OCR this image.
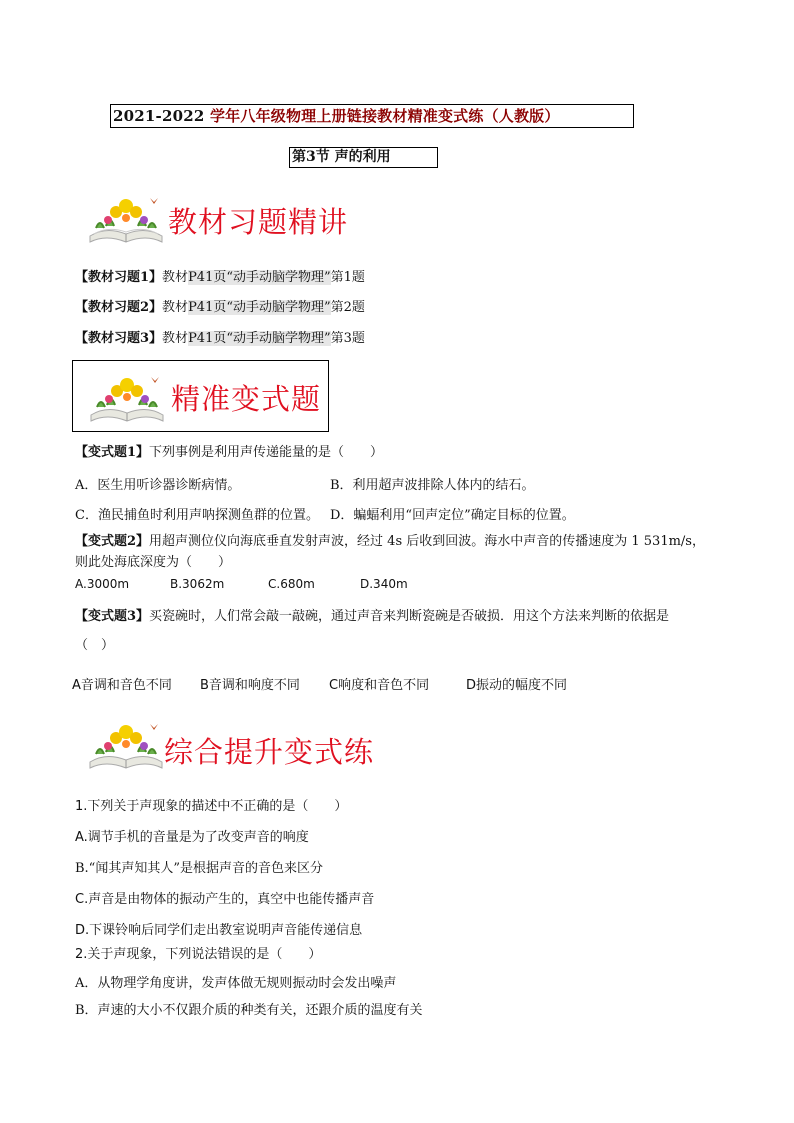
2021-2022 学年八年级物理上册链接教材精准变式练（人教版）
第3节 声的利用
教材习题精讲
【教材习题1】教材P41页“动手动脑学物理”第1题
【教材习题2】教材P41页“动手动脑学物理”第2题
【教材习题3】教材P41页“动手动脑学物理”第3题
精准变式题
【变式题1】下列事例是利用声传递能量的是（　　）
A．医生用听诊器诊断病情。	B．利用超声波排除人体内的结石。
C．渔民捕鱼时利用声呐探测鱼群的位置。 D．蝙蝠利用“回声定位”确定目标的位置。
【变式题2】用超声测位仪向海底垂直发射声波，经过 4s 后收到回波。海水中声音的传播速度为 1 531m/s，
则此处海底深度为（　　）
A.3000m	B.3062m	C.680m	D.340m
【变式题3】买瓷碗时，人们常会敲一敲碗，通过声音来判断瓷碗是否破损．用这个方法来判断的依据是
（　）
A音调和音色不同 B音调和响度不同 C响度和音色不同	D振动的幅度不同
综合提升变式练
1.下列关于声现象的描述中不正确的是（　　）
A.调节手机的音量是为了改变声音的响度
B.“闻其声知其人”是根据声音的音色来区分
C.声音是由物体的振动产生的，真空中也能传播声音
D.下课铃响后同学们走出教室说明声音能传递信息
2.关于声现象，下列说法错误的是（　　）
A．从物理学角度讲，发声体做无规则振动时会发出噪声
B．声速的大小不仅跟介质的种类有关，还跟介质的温度有关
